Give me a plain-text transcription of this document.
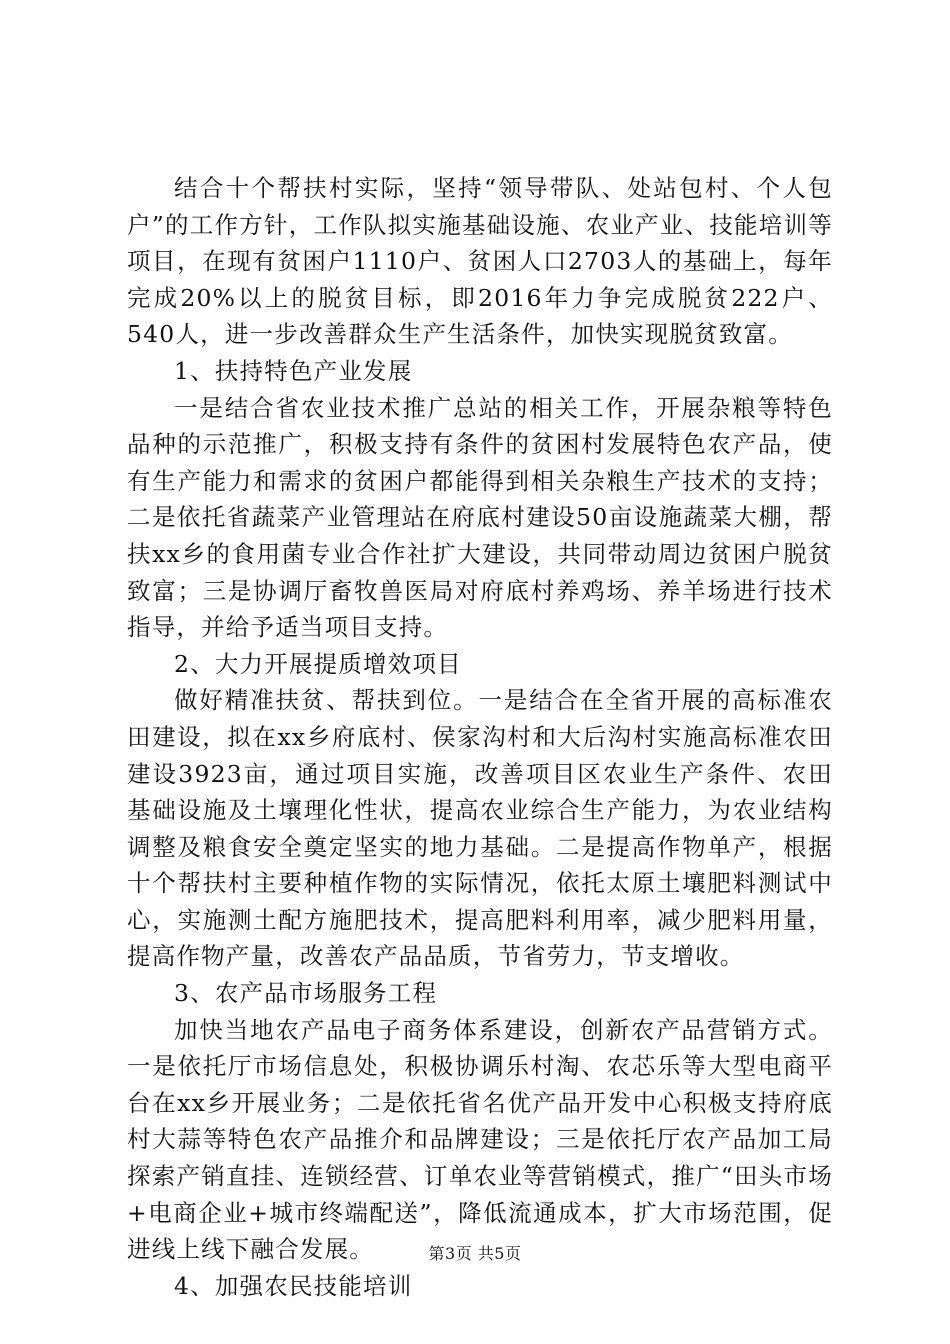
结合十个帮扶村实际，坚持“领导带队、处站包村、个人包户”的工作方针，工作队拟实施基础设施、农业产业、技能培训等项目，在现有贫困户1110户、贫困人口2703人的基础上，每年完成20%以上的脱贫目标，即2016年力争完成脱贫222户、540人，进一步改善群众生产生活条件，加快实现脱贫致富。

1、扶持特色产业发展

一是结合省农业技术推广总站的相关工作，开展杂粮等特色品种的示范推广，积极支持有条件的贫困村发展特色农产品，使有生产能力和需求的贫困户都能得到相关杂粮生产技术的支持；二是依托省蔬菜产业管理站在府底村建设50亩设施蔬菜大棚，帮扶xx乡的食用菌专业合作社扩大建设，共同带动周边贫困户脱贫致富；三是协调厅畜牧兽医局对府底村养鸡场、养羊场进行技术指导，并给予适当项目支持。

2、大力开展提质增效项目

做好精准扶贫、帮扶到位。一是结合在全省开展的高标准农田建设，拟在xx乡府底村、侯家沟村和大后沟村实施高标准农田建设3923亩，通过项目实施，改善项目区农业生产条件、农田基础设施及土壤理化性状，提高农业综合生产能力，为农业结构调整及粮食安全奠定坚实的地力基础。二是提高作物单产，根据十个帮扶村主要种植作物的实际情况，依托太原土壤肥料测试中心，实施测土配方施肥技术，提高肥料利用率，减少肥料用量，提高作物产量，改善农产品品质，节省劳力，节支增收。

3、农产品市场服务工程

加快当地农产品电子商务体系建设，创新农产品营销方式。一是依托厅市场信息处，积极协调乐村淘、农芯乐等大型电商平台在xx乡开展业务；二是依托省名优产品开发中心积极支持府底村大蒜等特色农产品推介和品牌建设；三是依托厅农产品加工局探索产销直挂、连锁经营、订单农业等营销模式，推广“田头市场+电商企业+城市终端配送”，降低流通成本，扩大市场范围，促进线上线下融合发展。

4、加强农民技能培训

第3页 共5页
